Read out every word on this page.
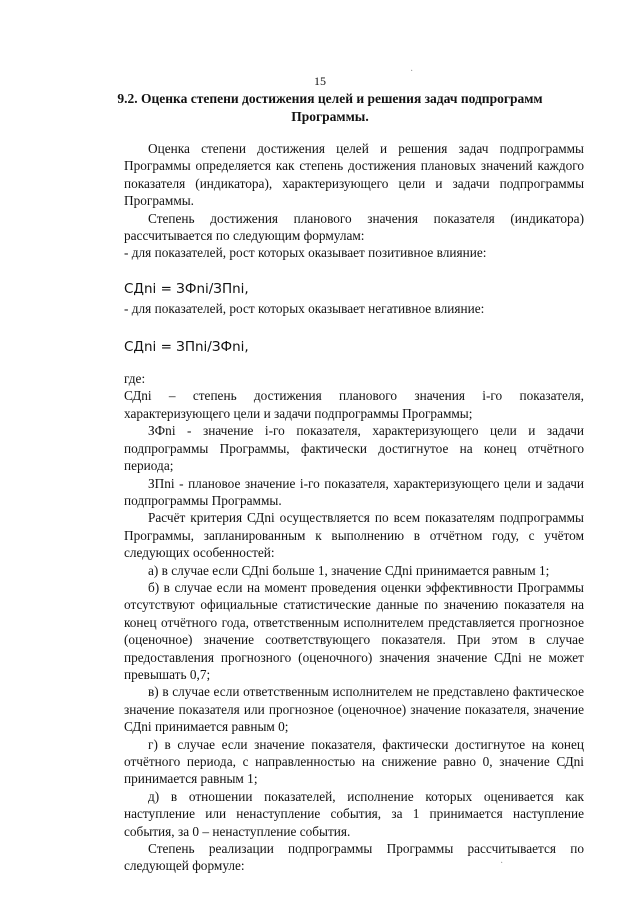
15
9.2. Оценка степени достижения целей и решения задач подпрограмм Программы.

Оценка степени достижения целей и решения задач подпрограммы Программы определяется как степень достижения плановых значений каждого показателя (индикатора), характеризующего цели и задачи подпрограммы Программы.

Степень достижения планового значения показателя (индикатора) рассчитывается по следующим формулам:

- для показателей, рост которых оказывает позитивное влияние:

СДni = ЗФni/ЗПni,

- для показателей, рост которых оказывает негативное влияние:

СДni = ЗПni/ЗФni,

где:

СДni – степень достижения планового значения i-го показателя, характеризующего цели и задачи подпрограммы Программы;

ЗФni - значение i-го показателя, характеризующего цели и задачи подпрограммы Программы, фактически достигнутое на конец отчётного периода;

ЗПni - плановое значение i-го показателя, характеризующего цели и задачи подпрограммы Программы.

Расчёт критерия СДni осуществляется по всем показателям подпрограммы Программы, запланированным к выполнению в отчётном году, с учётом следующих особенностей:

а) в случае если СДni больше 1, значение СДni принимается равным 1;

б) в случае если на момент проведения оценки эффективности Программы отсутствуют официальные статистические данные по значению показателя на конец отчётного года, ответственным исполнителем представляется прогнозное (оценочное) значение соответствующего показателя. При этом в случае предоставления прогнозного (оценочного) значения значение СДni не может превышать 0,7;

в) в случае если ответственным исполнителем не представлено фактическое значение показателя или прогнозное (оценочное) значение показателя, значение СДni принимается равным 0;

г) в случае если значение показателя, фактически достигнутое на конец отчётного периода, с направленностью на снижение равно 0, значение СДni принимается равным 1;

д) в отношении показателей, исполнение которых оценивается как наступление или ненаступление события, за 1 принимается наступление события, за 0 – ненаступление события.

Степень реализации подпрограммы Программы рассчитывается по следующей формуле:

·
·
